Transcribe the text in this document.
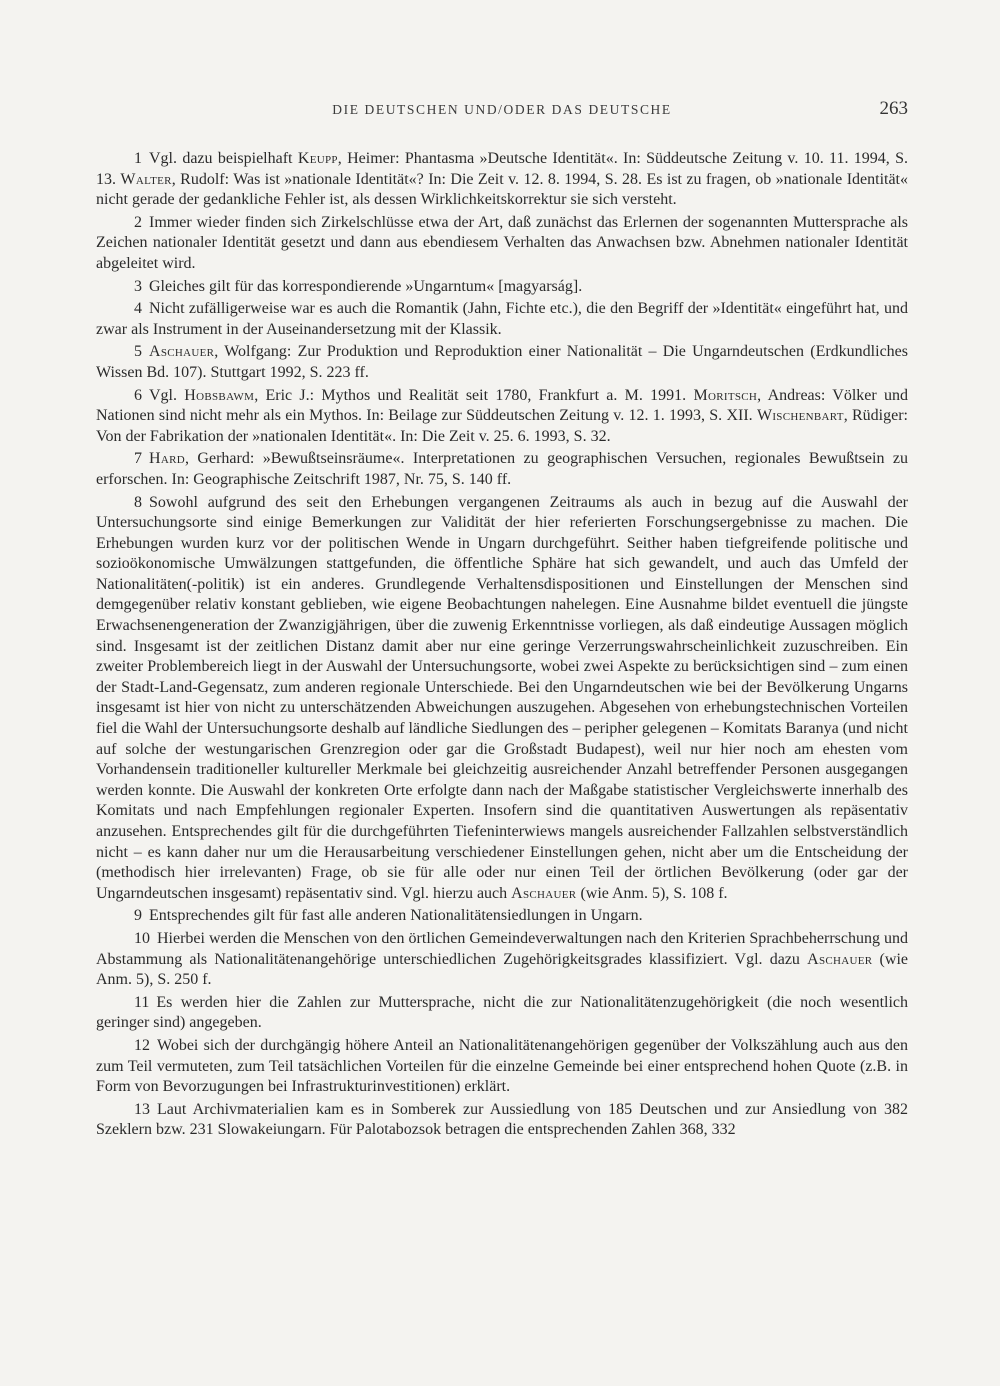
DIE DEUTSCHEN UND/ODER DAS DEUTSCHE	263

1 Vgl. dazu beispielhaft Keupp, Heimer: Phantasma »Deutsche Identität«. In: Süddeutsche Zeitung v. 10. 11. 1994, S. 13. Walter, Rudolf: Was ist »nationale Identität«? In: Die Zeit v. 12. 8. 1994, S. 28. Es ist zu fragen, ob »nationale Identität« nicht gerade der gedankliche Fehler ist, als dessen Wirklichkeitskorrektur sie sich versteht.

2 Immer wieder finden sich Zirkelschlüsse etwa der Art, daß zunächst das Erlernen der sogenannten Muttersprache als Zeichen nationaler Identität gesetzt und dann aus ebendiesem Verhalten das Anwachsen bzw. Abnehmen nationaler Identität abgeleitet wird.

3 Gleiches gilt für das korrespondierende »Ungarntum« [magyarság].

4 Nicht zufälligerweise war es auch die Romantik (Jahn, Fichte etc.), die den Begriff der »Identität« eingeführt hat, und zwar als Instrument in der Auseinandersetzung mit der Klassik.

5 Aschauer, Wolfgang: Zur Produktion und Reproduktion einer Nationalität – Die Ungarndeutschen (Erdkundliches Wissen Bd. 107). Stuttgart 1992, S. 223 ff.

6 Vgl. Hobsbawm, Eric J.: Mythos und Realität seit 1780, Frankfurt a. M. 1991. Moritsch, Andreas: Völker und Nationen sind nicht mehr als ein Mythos. In: Beilage zur Süddeutschen Zeitung v. 12. 1. 1993, S. XII. Wischenbart, Rüdiger: Von der Fabrikation der »nationalen Identität«. In: Die Zeit v. 25. 6. 1993, S. 32.

7 Hard, Gerhard: »Bewußtseinsräume«. Interpretationen zu geographischen Versuchen, regionales Bewußtsein zu erforschen. In: Geographische Zeitschrift 1987, Nr. 75, S. 140 ff.

8 Sowohl aufgrund des seit den Erhebungen vergangenen Zeitraums als auch in bezug auf die Auswahl der Untersuchungsorte sind einige Bemerkungen zur Validität der hier referierten Forschungsergebnisse zu machen. Die Erhebungen wurden kurz vor der politischen Wende in Ungarn durchgeführt. Seither haben tiefgreifende politische und sozioökonomische Umwälzungen stattgefunden, die öffentliche Sphäre hat sich gewandelt, und auch das Umfeld der Nationalitäten(-politik) ist ein anderes. Grundlegende Verhaltensdispositionen und Einstellungen der Menschen sind demgegenüber relativ konstant geblieben, wie eigene Beobachtungen nahelegen. Eine Ausnahme bildet eventuell die jüngste Erwachsenengeneration der Zwanzigjährigen, über die zuwenig Erkenntnisse vorliegen, als daß eindeutige Aussagen möglich sind. Insgesamt ist der zeitlichen Distanz damit aber nur eine geringe Verzerrungswahrscheinlichkeit zuzuschreiben. Ein zweiter Problembereich liegt in der Auswahl der Untersuchungsorte, wobei zwei Aspekte zu berücksichtigen sind – zum einen der Stadt-Land-Gegensatz, zum anderen regionale Unterschiede. Bei den Ungarndeutschen wie bei der Bevölkerung Ungarns insgesamt ist hier von nicht zu unterschätzenden Abweichungen auszugehen. Abgesehen von erhebungstechnischen Vorteilen fiel die Wahl der Untersuchungsorte deshalb auf ländliche Siedlungen des – peripher gelegenen – Komitats Baranya (und nicht auf solche der westungarischen Grenzregion oder gar die Großstadt Budapest), weil nur hier noch am ehesten vom Vorhandensein traditioneller kultureller Merkmale bei gleichzeitig ausreichender Anzahl betreffender Personen ausgegangen werden konnte. Die Auswahl der konkreten Orte erfolgte dann nach der Maßgabe statistischer Vergleichswerte innerhalb des Komitats und nach Empfehlungen regionaler Experten. Insofern sind die quantitativen Auswertungen als repäsentativ anzusehen. Entsprechendes gilt für die durchgeführten Tiefeninterwiews mangels ausreichender Fallzahlen selbstverständlich nicht – es kann daher nur um die Herausarbeitung verschiedener Einstellungen gehen, nicht aber um die Entscheidung der (methodisch hier irrelevanten) Frage, ob sie für alle oder nur einen Teil der örtlichen Bevölkerung (oder gar der Ungarndeutschen insgesamt) repäsentativ sind. Vgl. hierzu auch Aschauer (wie Anm. 5), S. 108 f.

9 Entsprechendes gilt für fast alle anderen Nationalitätensiedlungen in Ungarn.

10 Hierbei werden die Menschen von den örtlichen Gemeindeverwaltungen nach den Kriterien Sprachbeherrschung und Abstammung als Nationalitätenangehörige unterschiedlichen Zugehörigkeitsgrades klassifiziert. Vgl. dazu Aschauer (wie Anm. 5), S. 250 f.

11 Es werden hier die Zahlen zur Muttersprache, nicht die zur Nationalitätenzugehörigkeit (die noch wesentlich geringer sind) angegeben.

12 Wobei sich der durchgängig höhere Anteil an Nationalitätenangehörigen gegenüber der Volkszählung auch aus den zum Teil vermuteten, zum Teil tatsächlichen Vorteilen für die einzelne Gemeinde bei einer entsprechend hohen Quote (z.B. in Form von Bevorzugungen bei Infrastrukturinvestitionen) erklärt.

13 Laut Archivmaterialien kam es in Somberek zur Aussiedlung von 185 Deutschen und zur Ansiedlung von 382 Szeklern bzw. 231 Slowakeiungarn. Für Palotabozsok betragen die entsprechenden Zahlen 368, 332
